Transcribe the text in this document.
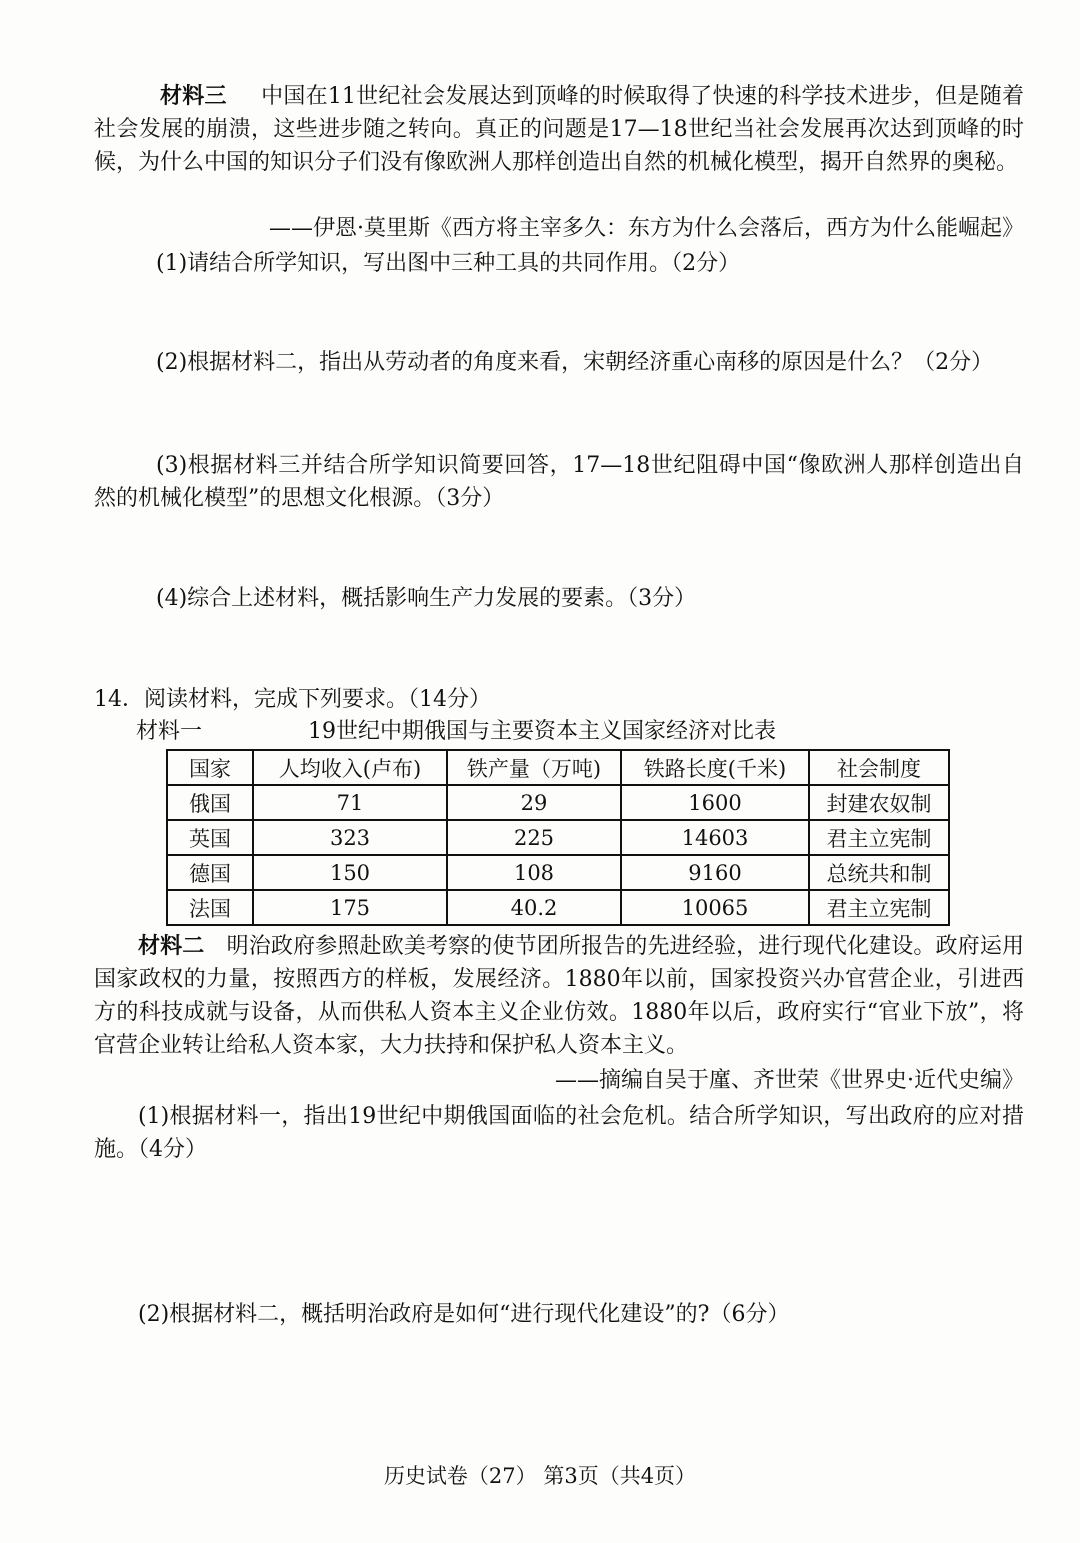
材料三 中国在11世纪社会发展达到顶峰的时候取得了快速的科学技术进步，但是随着社会发展的崩溃，这些进步随之转向。真正的问题是17—18世纪当社会发展再次达到顶峰的时候，为什么中国的知识分子们没有像欧洲人那样创造出自然的机械化模型，揭开自然界的奥秘。
——伊恩·莫里斯《西方将主宰多久：东方为什么会落后，西方为什么能崛起》
(1)请结合所学知识，写出图中三种工具的共同作用。（2分）
(2)根据材料二，指出从劳动者的角度来看，宋朝经济重心南移的原因是什么？（2分）
(3)根据材料三并结合所学知识简要回答，17—18世纪阻碍中国“像欧洲人那样创造出自然的机械化模型”的思想文化根源。（3分）
(4)综合上述材料，概括影响生产力发展的要素。（3分）
14．阅读材料，完成下列要求。（14分）
材料一	19世纪中期俄国与主要资本主义国家经济对比表
国家	人均收入(卢布)	铁产量（万吨)	铁路长度(千米)	社会制度
俄国	71	29	1600	封建农奴制
英国	323	225	14603	君主立宪制
德国	150	108	9160	总统共和制
法国	175	40.2	10065	君主立宪制
材料二 明治政府参照赴欧美考察的使节团所报告的先进经验，进行现代化建设。政府运用国家政权的力量，按照西方的样板，发展经济。1880年以前，国家投资兴办官营企业，引进西方的科技成就与设备，从而供私人资本主义企业仿效。1880年以后，政府实行“官业下放”，将官营企业转让给私人资本家，大力扶持和保护私人资本主义。
——摘编自吴于廑、齐世荣《世界史·近代史编》
(1)根据材料一，指出19世纪中期俄国面临的社会危机。结合所学知识，写出政府的应对措施。（4分）
(2)根据材料二，概括明治政府是如何“进行现代化建设”的?（6分）
历史试卷（27） 第3页（共4页）
